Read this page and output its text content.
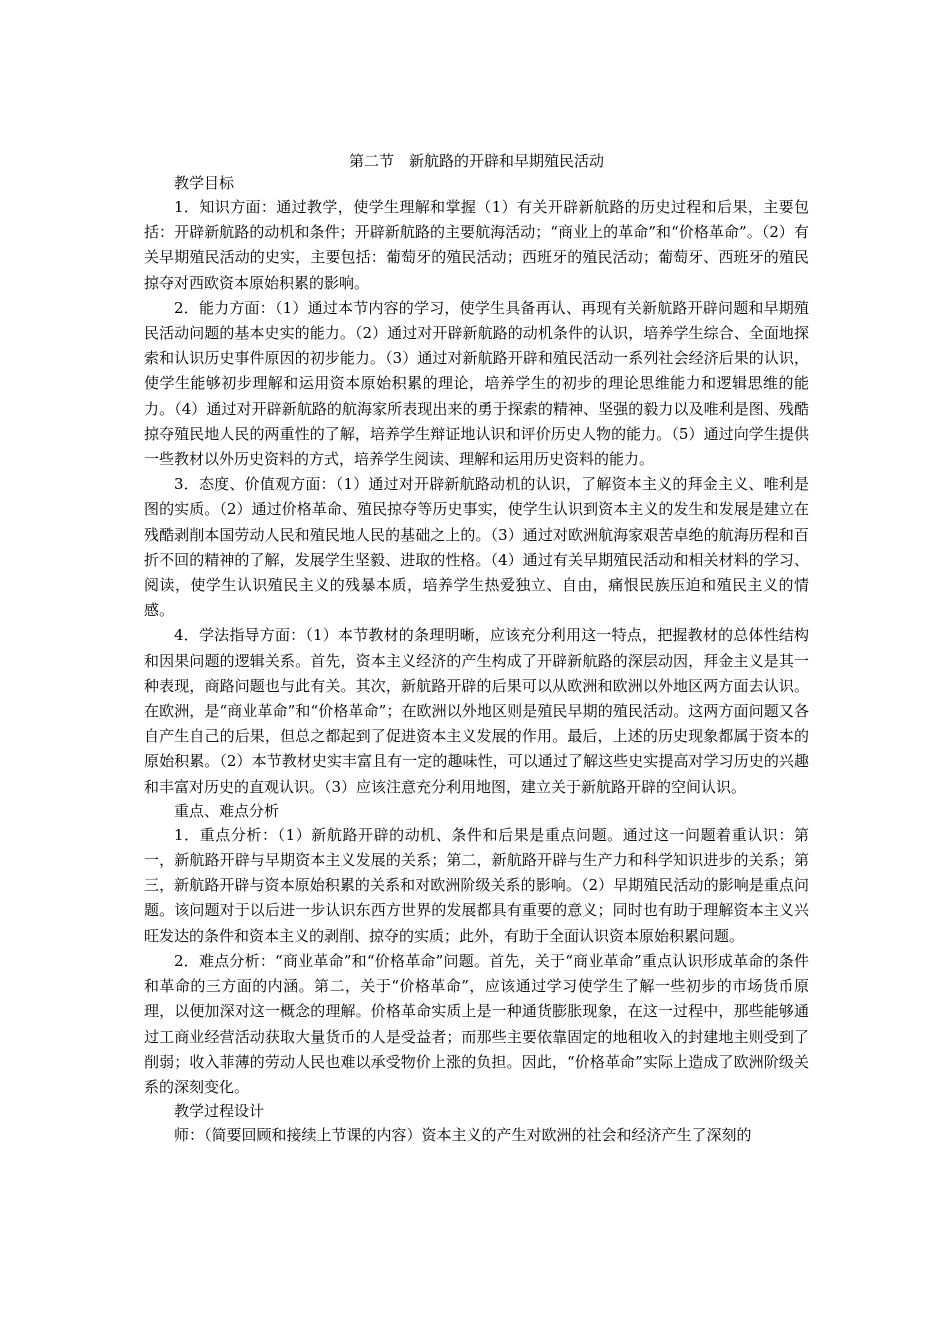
第二节　新航路的开辟和早期殖民活动

教学目标

1．知识方面：通过教学，使学生理解和掌握（1）有关开辟新航路的历史过程和后果，主要包括：开辟新航路的动机和条件；开辟新航路的主要航海活动；“商业上的革命”和“价格革命”。（2）有关早期殖民活动的史实，主要包括：葡萄牙的殖民活动；西班牙的殖民活动；葡萄牙、西班牙的殖民掠夺对西欧资本原始积累的影响。

2．能力方面：（1）通过本节内容的学习，使学生具备再认、再现有关新航路开辟问题和早期殖民活动问题的基本史实的能力。（2）通过对开辟新航路的动机条件的认识，培养学生综合、全面地探索和认识历史事件原因的初步能力。（3）通过对新航路开辟和殖民活动一系列社会经济后果的认识，使学生能够初步理解和运用资本原始积累的理论，培养学生的初步的理论思维能力和逻辑思维的能力。（4）通过对开辟新航路的航海家所表现出来的勇于探索的精神、坚强的毅力以及唯利是图、残酷掠夺殖民地人民的两重性的了解，培养学生辩证地认识和评价历史人物的能力。（5）通过向学生提供一些教材以外历史资料的方式，培养学生阅读、理解和运用历史资料的能力。

3．态度、价值观方面：（1）通过对开辟新航路动机的认识，了解资本主义的拜金主义、唯利是图的实质。（2）通过价格革命、殖民掠夺等历史事实，使学生认识到资本主义的发生和发展是建立在残酷剥削本国劳动人民和殖民地人民的基础之上的。（3）通过对欧洲航海家艰苦卓绝的航海历程和百折不回的精神的了解，发展学生坚毅、进取的性格。（4）通过有关早期殖民活动和相关材料的学习、阅读，使学生认识殖民主义的残暴本质，培养学生热爱独立、自由，痛恨民族压迫和殖民主义的情感。

4．学法指导方面：（1）本节教材的条理明晰，应该充分利用这一特点，把握教材的总体性结构和因果问题的逻辑关系。首先，资本主义经济的产生构成了开辟新航路的深层动因，拜金主义是其一种表现，商路问题也与此有关。其次，新航路开辟的后果可以从欧洲和欧洲以外地区两方面去认识。在欧洲，是“商业革命”和“价格革命”；在欧洲以外地区则是殖民早期的殖民活动。这两方面问题又各自产生自己的后果，但总之都起到了促进资本主义发展的作用。最后，上述的历史现象都属于资本的原始积累。（2）本节教材史实丰富且有一定的趣味性，可以通过了解这些史实提高对学习历史的兴趣和丰富对历史的直观认识。（3）应该注意充分利用地图，建立关于新航路开辟的空间认识。

重点、难点分析

1．重点分析：（1）新航路开辟的动机、条件和后果是重点问题。通过这一问题着重认识：第一，新航路开辟与早期资本主义发展的关系；第二，新航路开辟与生产力和科学知识进步的关系；第三，新航路开辟与资本原始积累的关系和对欧洲阶级关系的影响。（2）早期殖民活动的影响是重点问题。该问题对于以后进一步认识东西方世界的发展都具有重要的意义；同时也有助于理解资本主义兴旺发达的条件和资本主义的剥削、掠夺的实质；此外，有助于全面认识资本原始积累问题。

2．难点分析：“商业革命”和“价格革命”问题。首先，关于“商业革命”重点认识形成革命的条件和革命的三方面的内涵。第二，关于“价格革命”，应该通过学习使学生了解一些初步的市场货币原理，以便加深对这一概念的理解。价格革命实质上是一种通货膨胀现象，在这一过程中，那些能够通过工商业经营活动获取大量货币的人是受益者；而那些主要依靠固定的地租收入的封建地主则受到了削弱；收入菲薄的劳动人民也难以承受物价上涨的负担。因此，“价格革命”实际上造成了欧洲阶级关系的深刻变化。

教学过程设计

师：（简要回顾和接续上节课的内容）资本主义的产生对欧洲的社会和经济产生了深刻的
